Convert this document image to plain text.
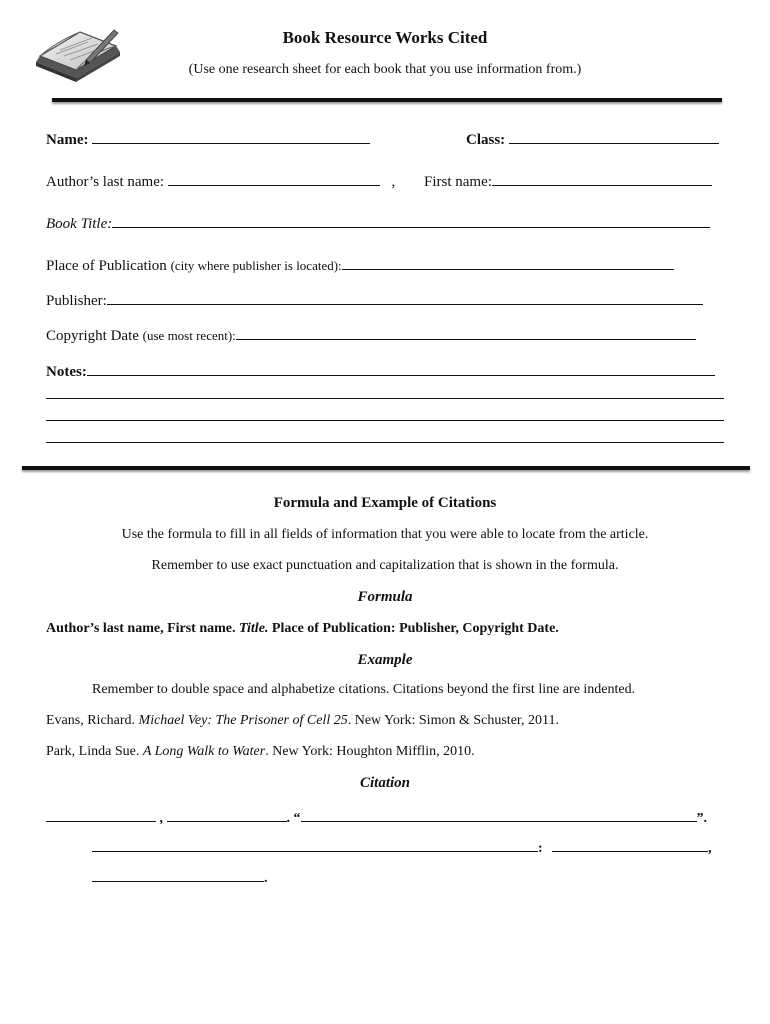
Book Resource Works Cited
(Use one research sheet for each book that you use information from.)
Name:	Class:
Author’s last name:	, First name:
Book Title:
Place of Publication (city where publisher is located):
Publisher:
Copyright Date (use most recent):
Notes:
Formula and Example of Citations
Use the formula to fill in all fields of information that you were able to locate from the article.
Remember to use exact punctuation and capitalization that is shown in the formula.
Formula
Author’s last name, First name. Title. Place of Publication: Publisher, Copyright Date.
Example
Remember to double space and alphabetize citations. Citations beyond the first line are indented.
Evans, Richard. Michael Vey: The Prisoner of Cell 25. New York: Simon & Schuster, 2011.
Park, Linda Sue. A Long Walk to Water. New York: Houghton Mifflin, 2010.
Citation
,	. “	”.
:	,
.
